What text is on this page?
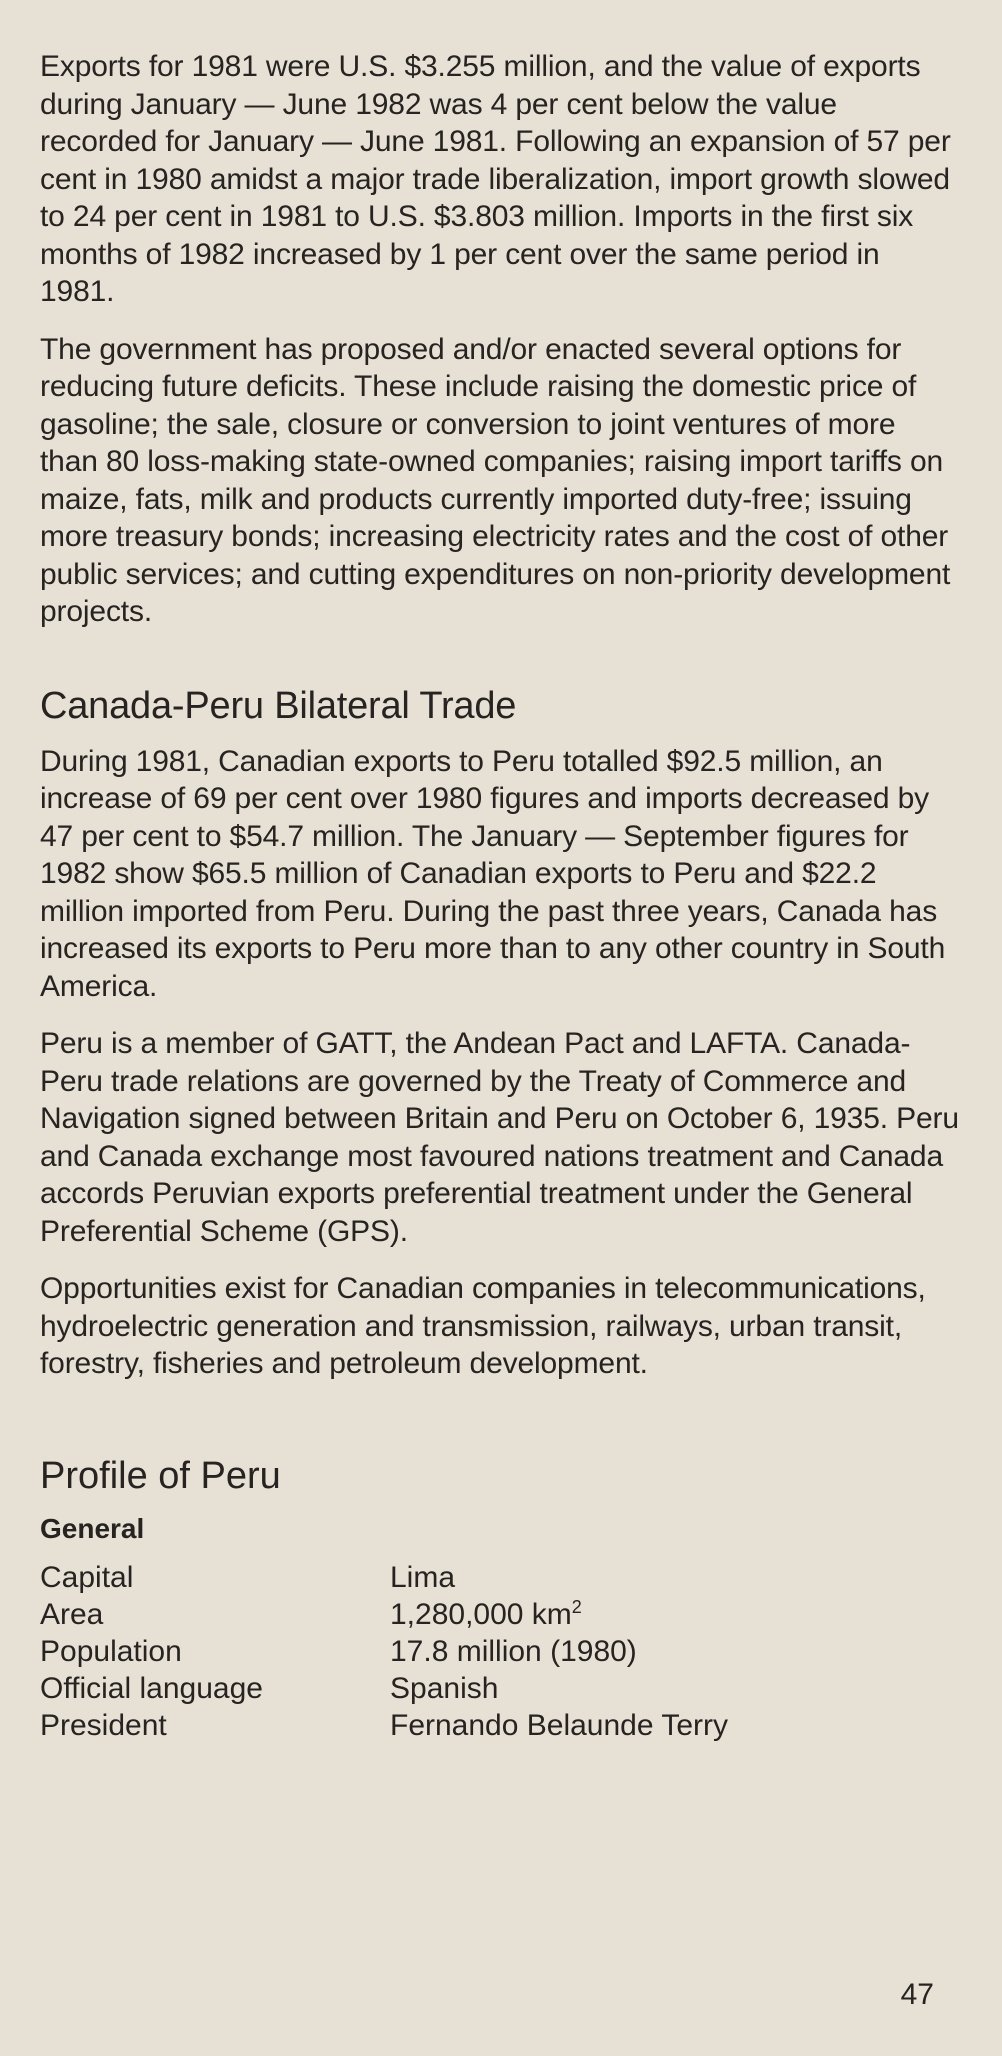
Exports for 1981 were U.S. $3.255 million, and the value of exports during January — June 1982 was 4 per cent below the value recorded for January — June 1981. Following an expansion of 57 per cent in 1980 amidst a major trade liberalization, import growth slowed to 24 per cent in 1981 to U.S. $3.803 million. Imports in the first six months of 1982 increased by 1 per cent over the same period in 1981.

The government has proposed and/or enacted several options for reducing future deficits. These include raising the domestic price of gasoline; the sale, closure or conversion to joint ventures of more than 80 loss-making state-owned companies; raising import tariffs on maize, fats, milk and products currently imported duty-free; issuing more treasury bonds; increasing electricity rates and the cost of other public services; and cutting expenditures on non-priority development projects.

Canada-Peru Bilateral Trade

During 1981, Canadian exports to Peru totalled $92.5 million, an increase of 69 per cent over 1980 figures and imports decreased by 47 per cent to $54.7 million. The January — September figures for 1982 show $65.5 million of Canadian exports to Peru and $22.2 million imported from Peru. During the past three years, Canada has increased its exports to Peru more than to any other country in South America.

Peru is a member of GATT, the Andean Pact and LAFTA. Canada-Peru trade relations are governed by the Treaty of Commerce and Navigation signed between Britain and Peru on October 6, 1935. Peru and Canada exchange most favoured nations treatment and Canada accords Peruvian exports preferential treatment under the General Preferential Scheme (GPS).

Opportunities exist for Canadian companies in telecommunications, hydroelectric generation and transmission, railways, urban transit, forestry, fisheries and petroleum development.

Profile of Peru
General
Capital	Lima
Area	1,280,000 $km^2$
Population	17.8 million (1980)
Official language	Spanish
President	Fernando Belaunde Terry
47
